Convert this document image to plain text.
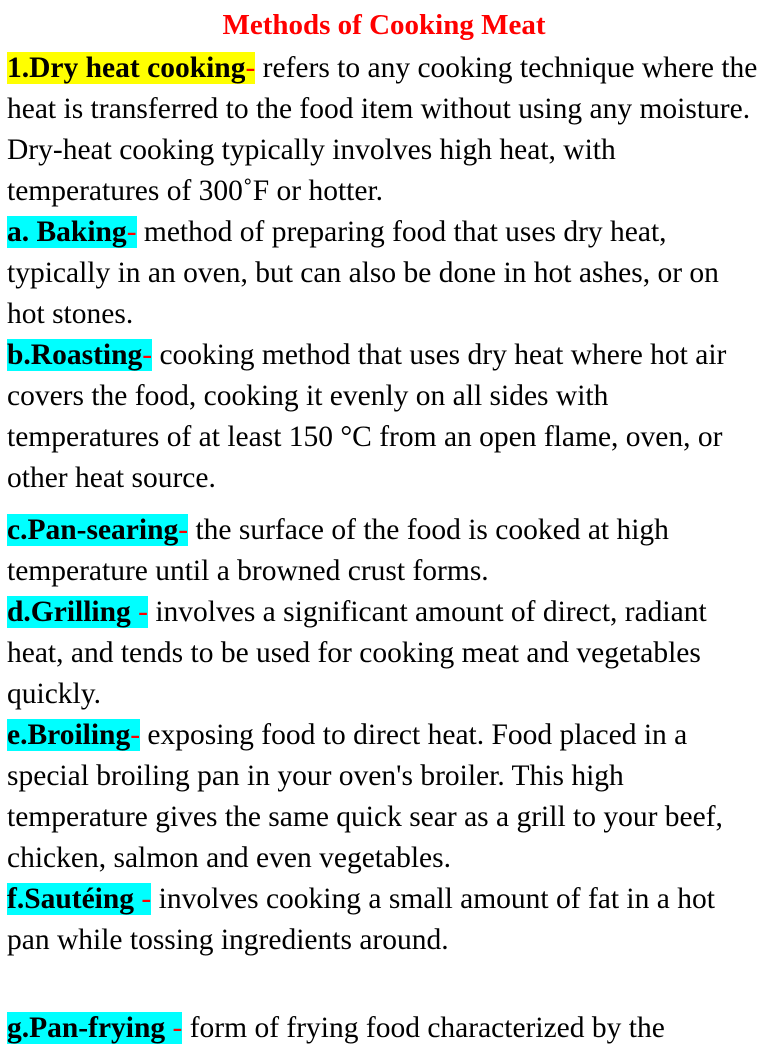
Methods of Cooking Meat

1.Dry heat cooking- refers to any cooking technique where the heat is transferred to the food item without using any moisture. Dry-heat cooking typically involves high heat, with temperatures of 300˚F or hotter.

a. Baking- method of preparing food that uses dry heat, typically in an oven, but can also be done in hot ashes, or on hot stones.

b.Roasting- cooking method that uses dry heat where hot air covers the food, cooking it evenly on all sides with temperatures of at least 150 °C from an open flame, oven, or other heat source.

c.Pan-searing- the surface of the food is cooked at high temperature until a browned crust forms.

d.Grilling - involves a significant amount of direct, radiant heat, and tends to be used for cooking meat and vegetables quickly.

e.Broiling- exposing food to direct heat. Food placed in a special broiling pan in your oven's broiler. This high temperature gives the same quick sear as a grill to your beef, chicken, salmon and even vegetables.

f.Sautéing - involves cooking a small amount of fat in a hot pan while tossing ingredients around.

g.Pan-frying - form of frying food characterized by the
